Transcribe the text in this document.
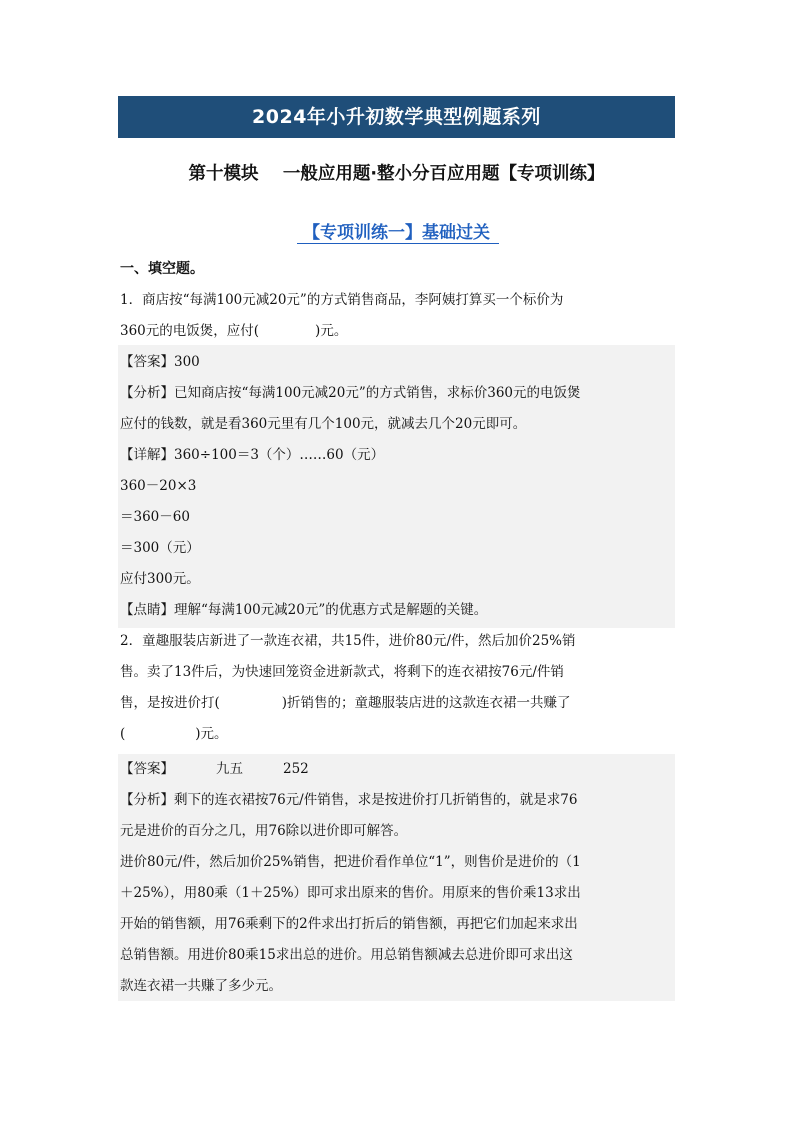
2024年小升初数学典型例题系列
第十模块    一般应用题·整小分百应用题【专项训练】
【专项训练一】基础过关
一、填空题。
1．商店按“每满100元减20元”的方式销售商品，李阿姨打算买一个标价为
360元的电饭煲，应付(	)元。
【答案】300
【分析】已知商店按“每满100元减20元”的方式销售，求标价360元的电饭煲
应付的钱数，就是看360元里有几个100元，就减去几个20元即可。
【详解】360÷100＝3（个）……60（元）
360－20×3
＝360－60
＝300（元）
应付300元。
【点睛】理解“每满100元减20元”的优惠方式是解题的关键。
2．童趣服装店新进了一款连衣裙，共15件，进价80元/件，然后加价25%销
售。卖了13件后，为快速回笼资金进新款式，将剩下的连衣裙按76元/件销
售，是按进价打(	)折销售的；童趣服装店进的这款连衣裙一共赚了
(	)元。
【答案】	九五	252
【分析】剩下的连衣裙按76元/件销售，求是按进价打几折销售的，就是求76
元是进价的百分之几，用76除以进价即可解答。
进价80元/件，然后加价25%销售，把进价看作单位“1”，则售价是进价的（1
＋25%），用80乘（1＋25%）即可求出原来的售价。用原来的售价乘13求出
开始的销售额，用76乘剩下的2件求出打折后的销售额，再把它们加起来求出
总销售额。用进价80乘15求出总的进价。用总销售额减去总进价即可求出这
款连衣裙一共赚了多少元。
